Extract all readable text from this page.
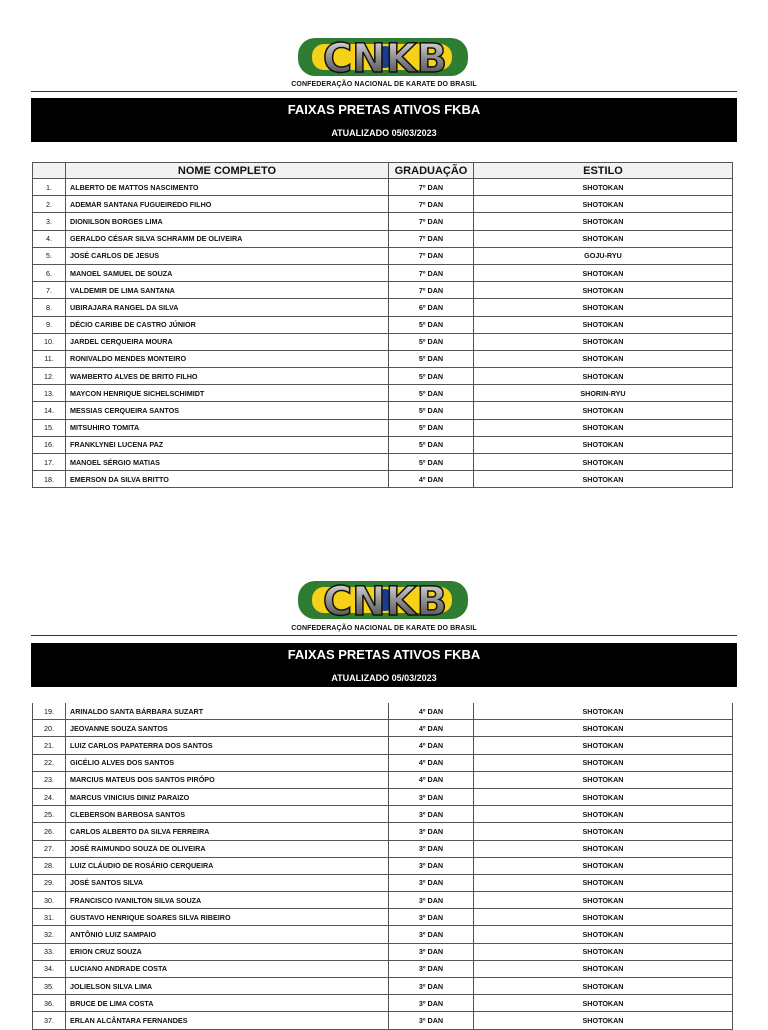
CNKB
CONFEDERAÇÃO NACIONAL DE KARATE DO BRASIL
FAIXAS PRETAS ATIVOS FKBA
ATUALIZADO 05/03/2023
	NOME COMPLETO	GRADUAÇÃO	ESTILO
1.	ALBERTO DE MATTOS NASCIMENTO	7º DAN	SHOTOKAN
2.	ADEMAR SANTANA FUGUEIREDO FILHO	7º DAN	SHOTOKAN
3.	DIONILSON BORGES LIMA	7º DAN	SHOTOKAN
4.	GERALDO CÉSAR SILVA SCHRAMM DE OLIVEIRA	7º DAN	SHOTOKAN
5.	JOSÉ CARLOS DE JESUS	7º DAN	GOJU-RYU
6.	MANOEL SAMUEL DE SOUZA	7º DAN	SHOTOKAN
7.	VALDEMIR DE LIMA SANTANA	7º DAN	SHOTOKAN
8.	UBIRAJARA RANGEL DA SILVA	6º DAN	SHOTOKAN
9.	DÉCIO CARIBE DE CASTRO JÚNIOR	5º DAN	SHOTOKAN
10.	JARDEL CERQUEIRA MOURA	5º DAN	SHOTOKAN
11.	RONIVALDO MENDES MONTEIRO	5º DAN	SHOTOKAN
12.	WAMBERTO ALVES DE BRITO FILHO	5º DAN	SHOTOKAN
13.	MAYCON HENRIQUE SICHELSCHIMIDT	5º DAN	SHORIN-RYU
14.	MESSIAS CERQUEIRA SANTOS	5º DAN	SHOTOKAN
15.	MITSUHIRO TOMITA	5º DAN	SHOTOKAN
16.	FRANKLYNEI LUCENA PAZ	5º DAN	SHOTOKAN
17.	MANOEL SÉRGIO MATIAS	5º DAN	SHOTOKAN
18.	EMERSON DA SILVA BRITTO	4º DAN	SHOTOKAN
CNKB
CONFEDERAÇÃO NACIONAL DE KARATE DO BRASIL
FAIXAS PRETAS ATIVOS FKBA
ATUALIZADO 05/03/2023
19.	ARINALDO SANTA BÁRBARA SUZART	4º DAN	SHOTOKAN
20.	JEOVANNE SOUZA SANTOS	4º DAN	SHOTOKAN
21.	LUIZ CARLOS PAPATERRA DOS SANTOS	4º DAN	SHOTOKAN
22.	GICÉLIO ALVES DOS SANTOS	4º DAN	SHOTOKAN
23.	MARCIUS MATEUS DOS SANTOS PIRÓPO	4º DAN	SHOTOKAN
24.	MARCUS VINICIUS DINIZ PARAIZO	3º DAN	SHOTOKAN
25.	CLEBERSON BARBOSA SANTOS	3º DAN	SHOTOKAN
26.	CARLOS ALBERTO DA SILVA FERREIRA	3º DAN	SHOTOKAN
27.	JOSÉ RAIMUNDO SOUZA DE OLIVEIRA	3º DAN	SHOTOKAN
28.	LUIZ CLÁUDIO DE ROSÁRIO CERQUEIRA	3º DAN	SHOTOKAN
29.	JOSÉ SANTOS SILVA	3º DAN	SHOTOKAN
30.	FRANCISCO IVANILTON SILVA SOUZA	3º DAN	SHOTOKAN
31.	GUSTAVO HENRIQUE SOARES SILVA RIBEIRO	3º DAN	SHOTOKAN
32.	ANTÔNIO LUIZ SAMPAIO	3º DAN	SHOTOKAN
33.	ERION CRUZ SOUZA	3º DAN	SHOTOKAN
34.	LUCIANO ANDRADE COSTA	3º DAN	SHOTOKAN
35.	JOLIELSON SILVA LIMA	3º DAN	SHOTOKAN
36.	BRUCE DE LIMA COSTA	3º DAN	SHOTOKAN
37.	ERLAN ALCÂNTARA FERNANDES	3º DAN	SHOTOKAN
